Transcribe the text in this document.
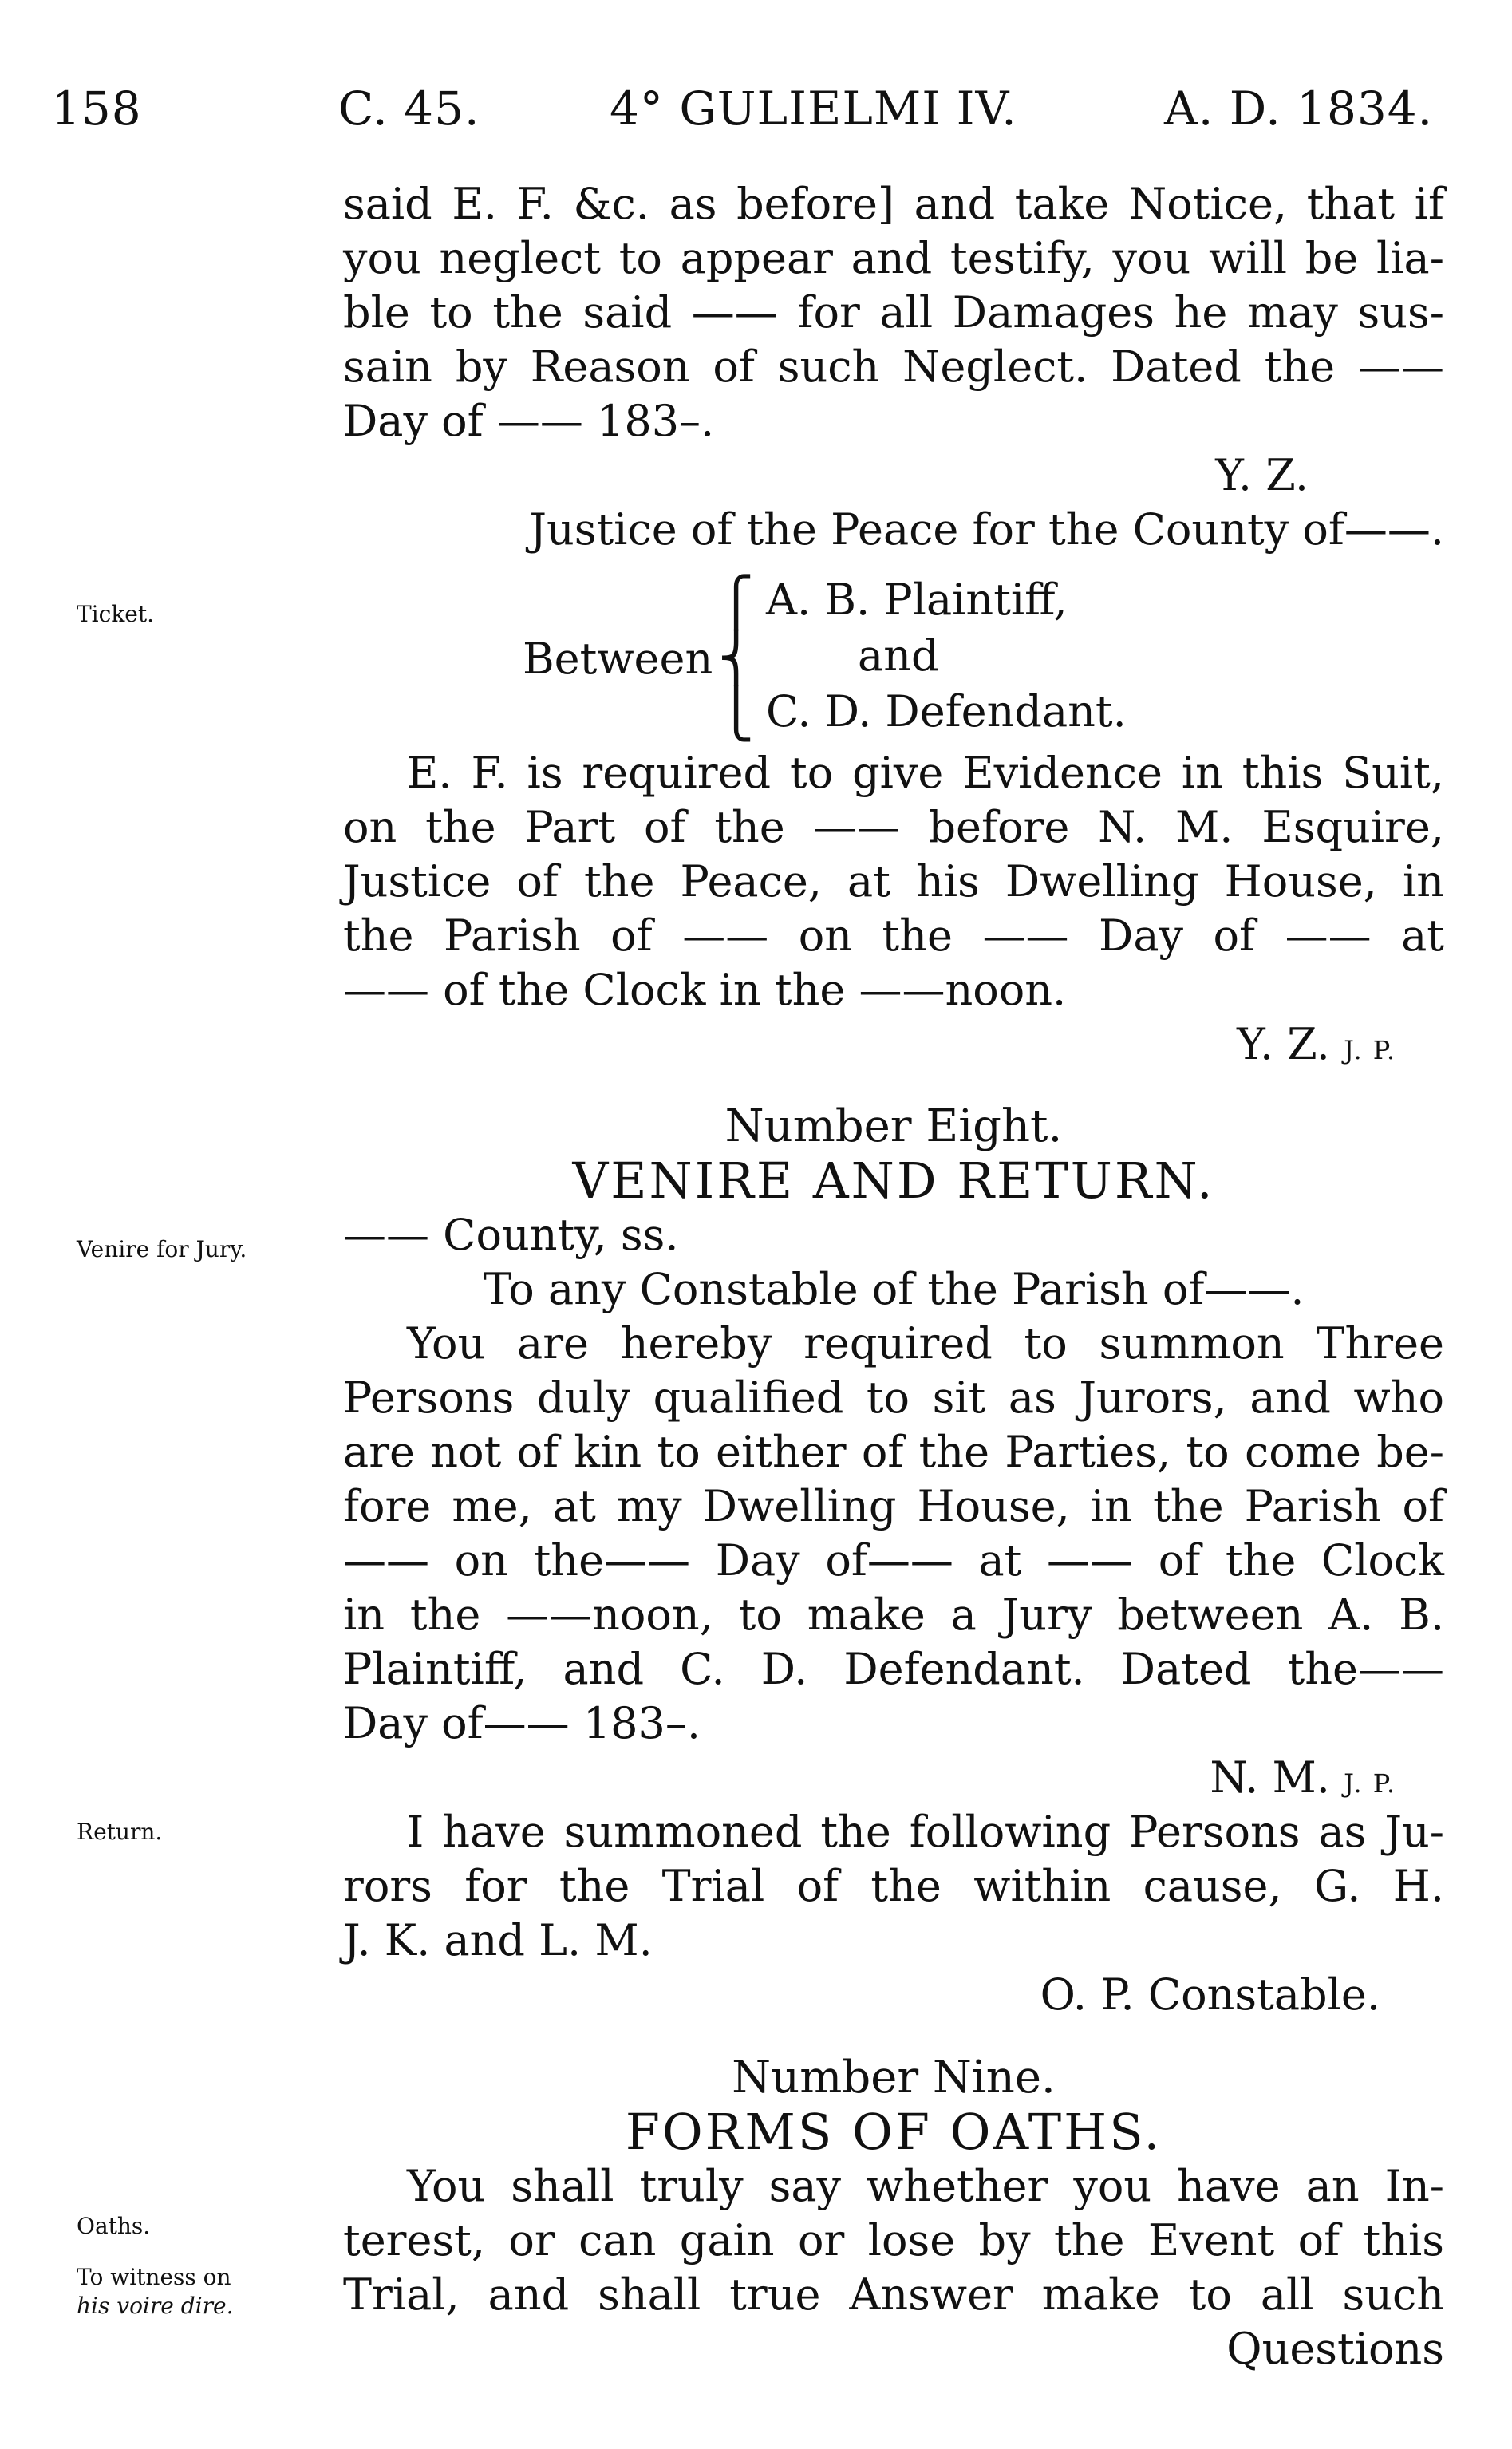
158	C. 45.	4° GULIELMI IV.	A. D. 1834.
Ticket.
Venire for Jury.
Return.
Oaths.
To witness on
his voire dire.
said E. F. &c. as before] and take Notice, that if
you neglect to appear and testify, you will be lia-
ble to the said —— for all Damages he may sus-
sain by Reason of such Neglect. Dated the ——
Day of —— 183–.
Y. Z.
Justice of the Peace for the County of——.
Between
⎧
⎨
⎩
A. B. Plaintiff,
and
C. D. Defendant.
E. F. is required to give Evidence in this Suit,
on the Part of the —— before N. M. Esquire,
Justice of the Peace, at his Dwelling House, in
the Parish of —— on the —— Day of —— at
—— of the Clock in the ——noon.
Y. Z. J. P.
Number Eight.
VENIRE AND RETURN.
—— County, ss.
To any Constable of the Parish of——.
You are hereby required to summon Three
Persons duly qualified to sit as Jurors, and who
are not of kin to either of the Parties, to come be-
fore me, at my Dwelling House, in the Parish of
—— on the—— Day of—— at —— of the Clock
in the ——noon, to make a Jury between A. B.
Plaintiff, and C. D. Defendant. Dated the——
Day of—— 183–.
N. M. J. P.
I have summoned the following Persons as Ju-
rors for the Trial of the within cause, G. H.
J. K. and L. M.
O. P. Constable.
Number Nine.
FORMS OF OATHS.
You shall truly say whether you have an In-
terest, or can gain or lose by the Event of this
Trial, and shall true Answer make to all such
Questions
